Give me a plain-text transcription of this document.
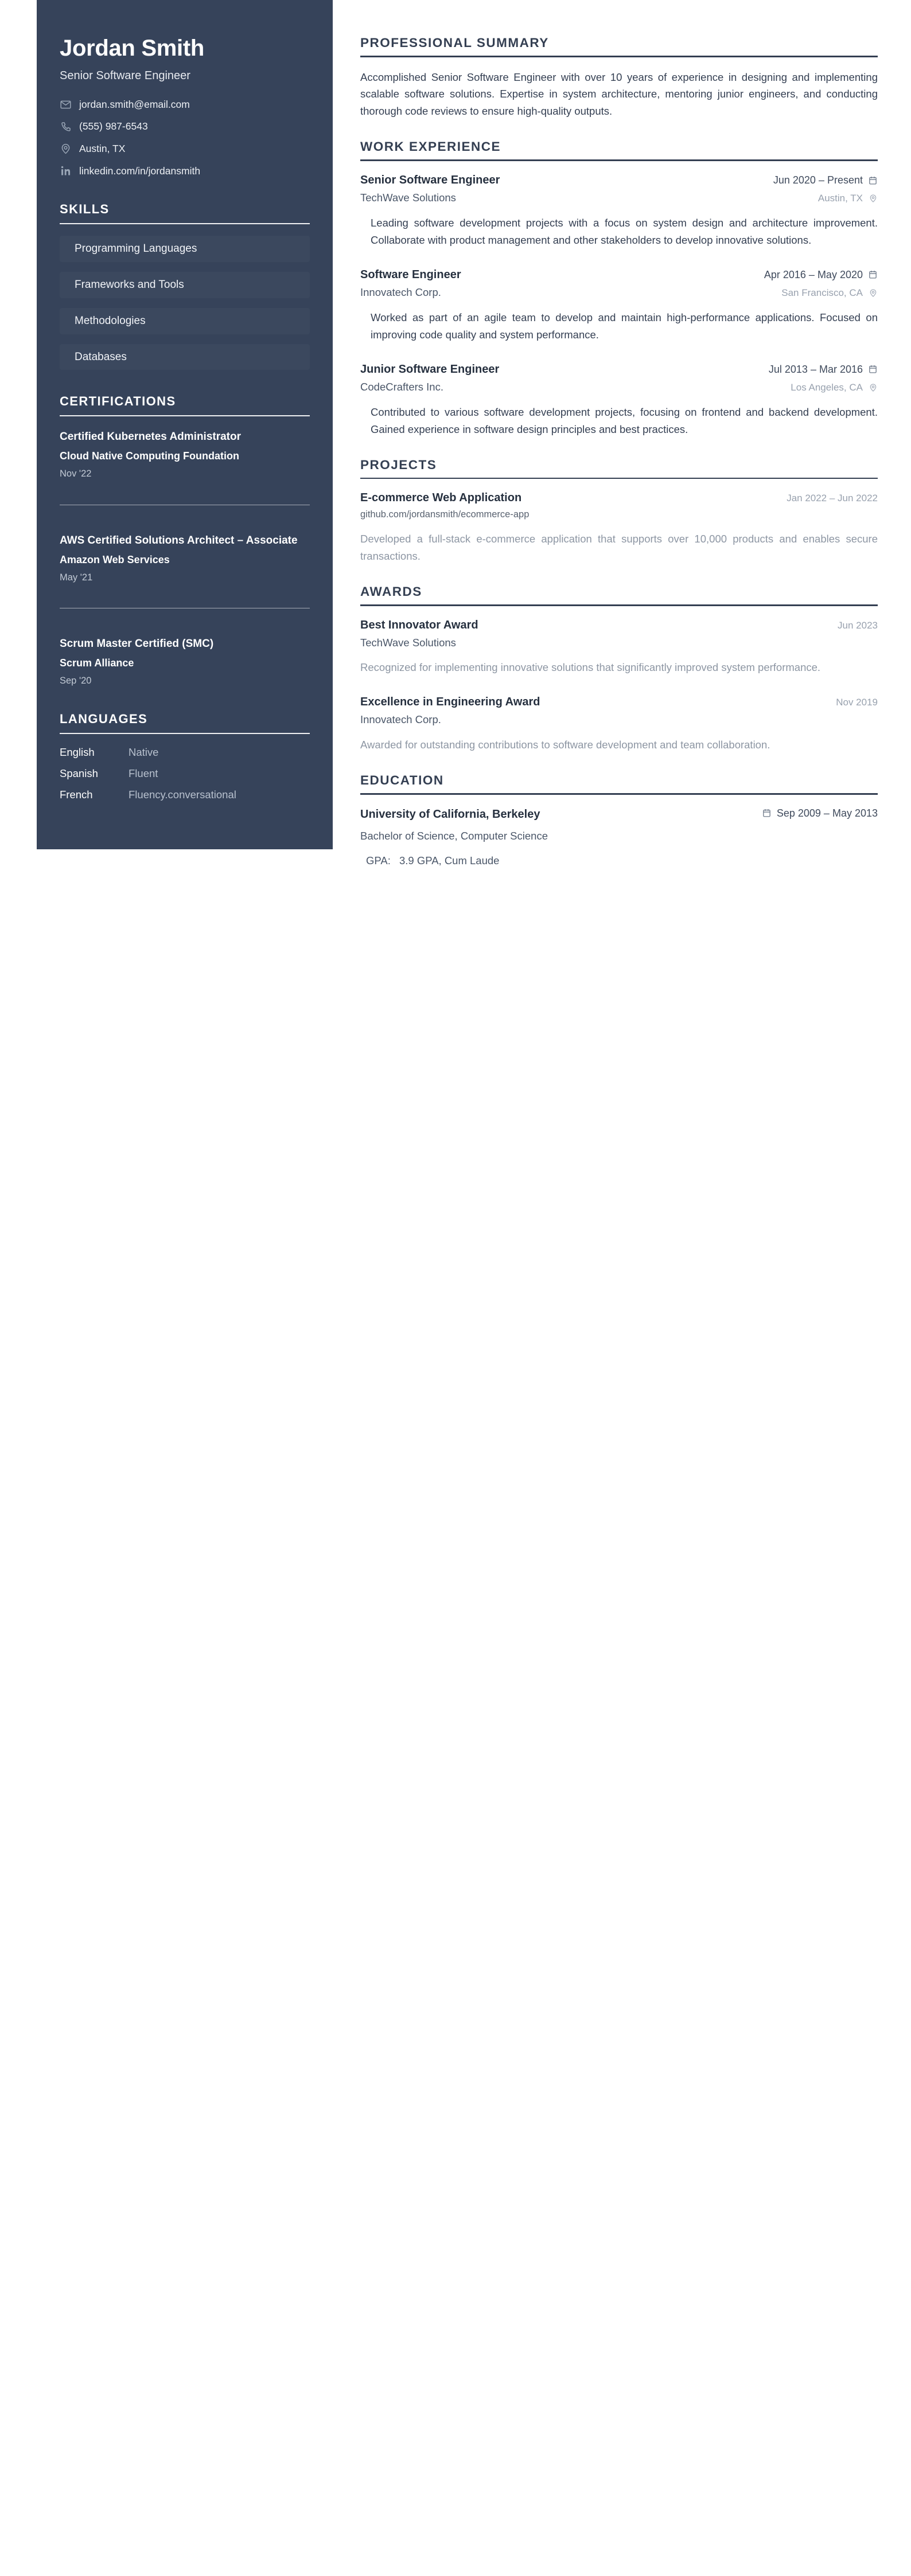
Jordan Smith
Senior Software Engineer
jordan.smith@email.com
(555) 987-6543
Austin, TX
linkedin.com/in/jordansmith
SKILLS
Programming Languages
Frameworks and Tools
Methodologies
Databases
CERTIFICATIONS
Certified Kubernetes Administrator
Cloud Native Computing Foundation
Nov '22
AWS Certified Solutions Architect – Associate
Amazon Web Services
May '21
Scrum Master Certified (SMC)
Scrum Alliance
Sep '20
LANGUAGES
English	Native
Spanish	Fluent
French	Fluency.conversational
PROFESSIONAL SUMMARY

Accomplished Senior Software Engineer with over 10 years of experience in designing and implementing scalable software solutions. Expertise in system architecture, mentoring junior engineers, and conducting thorough code reviews to ensure high-quality outputs.

WORK EXPERIENCE
Senior Software Engineer	Jun 2020 – Present
TechWave Solutions	Austin, TX

Leading software development projects with a focus on system design and architecture improvement. Collaborate with product management and other stakeholders to develop innovative solutions.

Software Engineer	Apr 2016 – May 2020
Innovatech Corp.	San Francisco, CA

Worked as part of an agile team to develop and maintain high-performance applications. Focused on improving code quality and system performance.

Junior Software Engineer	Jul 2013 – Mar 2016
CodeCrafters Inc.	Los Angeles, CA

Contributed to various software development projects, focusing on frontend and backend development. Gained experience in software design principles and best practices.

PROJECTS
E-commerce Web Application	Jan 2022 – Jun 2022
github.com/jordansmith/ecommerce-app

Developed a full-stack e-commerce application that supports over 10,000 products and enables secure transactions.

AWARDS
Best Innovator Award	Jun 2023
TechWave Solutions

Recognized for implementing innovative solutions that significantly improved system performance.

Excellence in Engineering Award	Nov 2019
Innovatech Corp.

Awarded for outstanding contributions to software development and team collaboration.

EDUCATION
University of California, Berkeley	Sep 2009 – May 2013
Bachelor of Science, Computer Science
GPA: 3.9 GPA, Cum Laude
